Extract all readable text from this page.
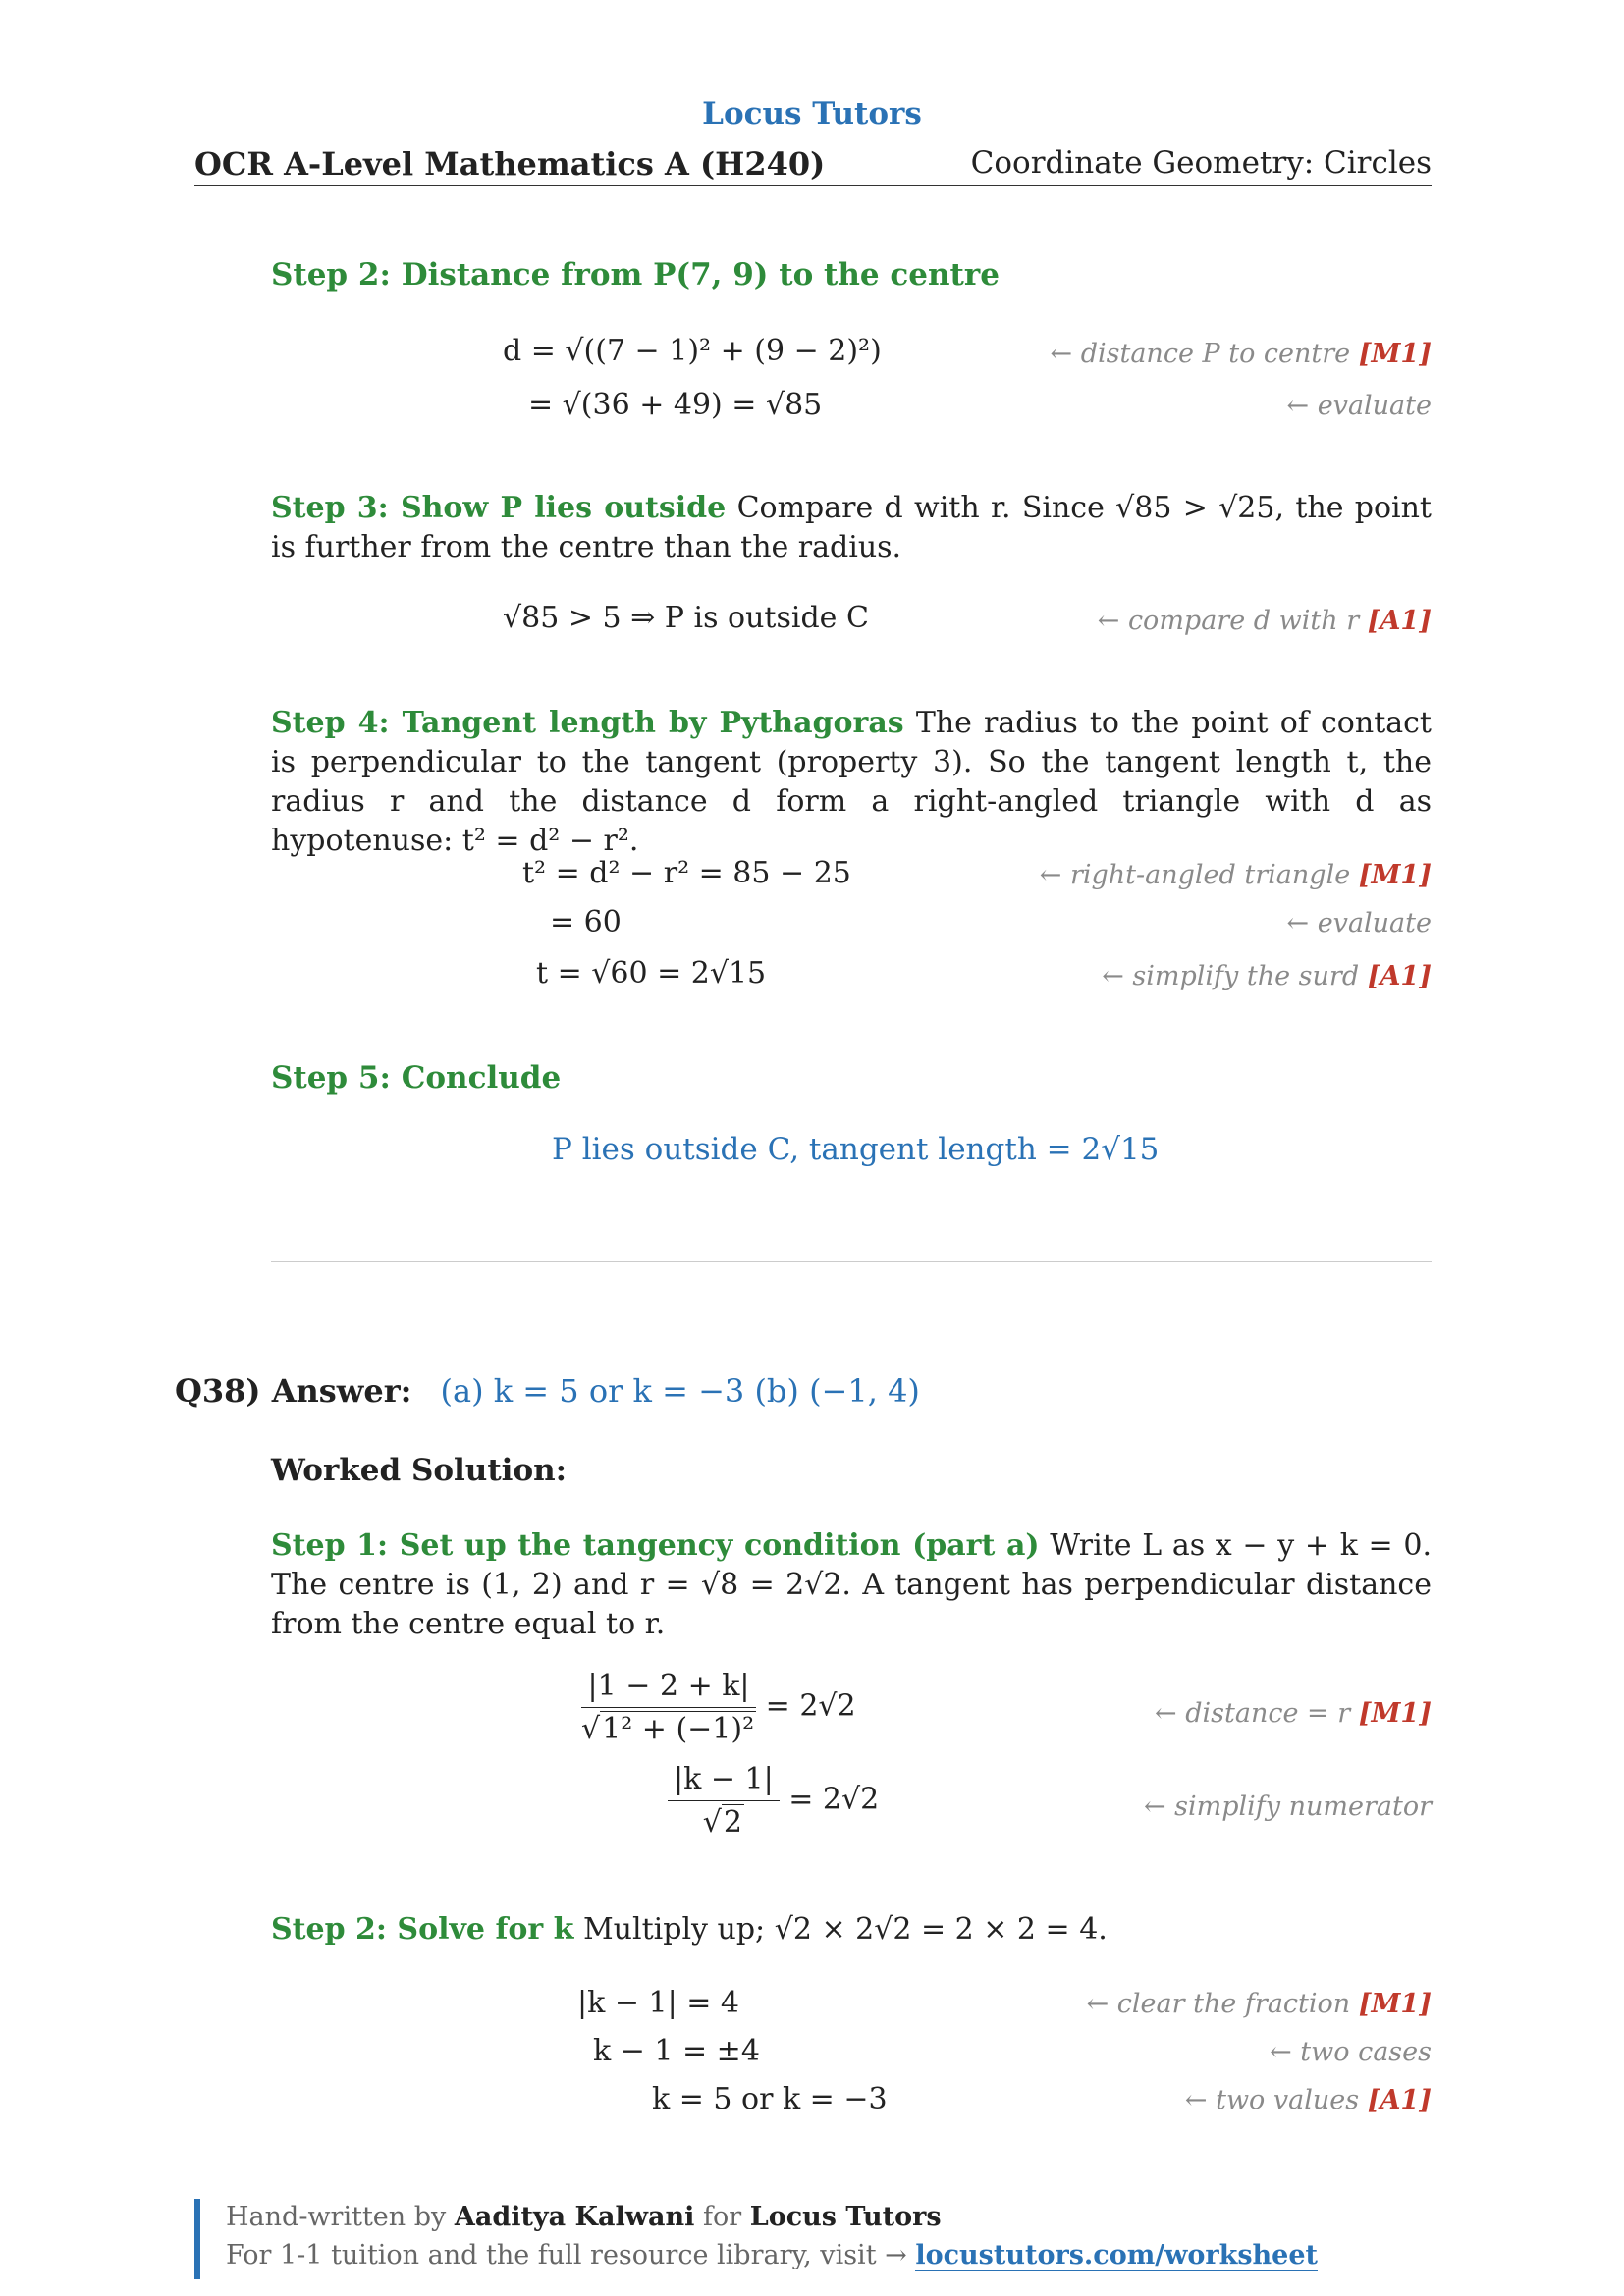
Locus Tutors
OCR A-Level Mathematics A (H240)	Coordinate Geometry: Circles
Step 2: Distance from P(7, 9) to the centre
d = √((7 − 1)² + (9 − 2)²)	← distance P to centre [M1]
= √(36 + 49) = √85	← evaluate
Step 3: Show P lies outside Compare d with r. Since √85 > √25, the point is further from the centre than the radius.
√85 > 5 ⇒ P is outside C	← compare d with r [A1]
Step 4: Tangent length by Pythagoras The radius to the point of contact is perpendicular to the tangent (property 3). So the tangent length t, the radius r and the distance d form a right-angled triangle with d as hypotenuse: t² = d² − r².
t² = d² − r² = 85 − 25	← right-angled triangle [M1]
= 60	← evaluate
t = √60 = 2√15	← simplify the surd [A1]
Step 5: Conclude
P lies outside C, tangent length = 2√15
Q38) Answer: (a) k = 5 or k = −3 (b) (−1, 4)
Worked Solution:
Step 1: Set up the tangency condition (part a) Write L as x − y + k = 0. The centre is (1, 2) and r = √8 = 2√2. A tangent has perpendicular distance from the centre equal to r.
$\frac{|1 - 2 + k|}{\text{√1² + (−1)²}} = 2√2$	← distance = r [M1]
$\frac{|k - 1|}{√2} = 2√2$	← simplify numerator
Step 2: Solve for k Multiply up; √2 × 2√2 = 2 × 2 = 4.
|k − 1| = 4	← clear the fraction [M1]
k − 1 = ±4	← two cases
k = 5 or k = −3	← two values [A1]
Hand-written by Aaditya Kalwani for Locus Tutors
For 1-1 tuition and the full resource library, visit → locustutors.com/worksheet
